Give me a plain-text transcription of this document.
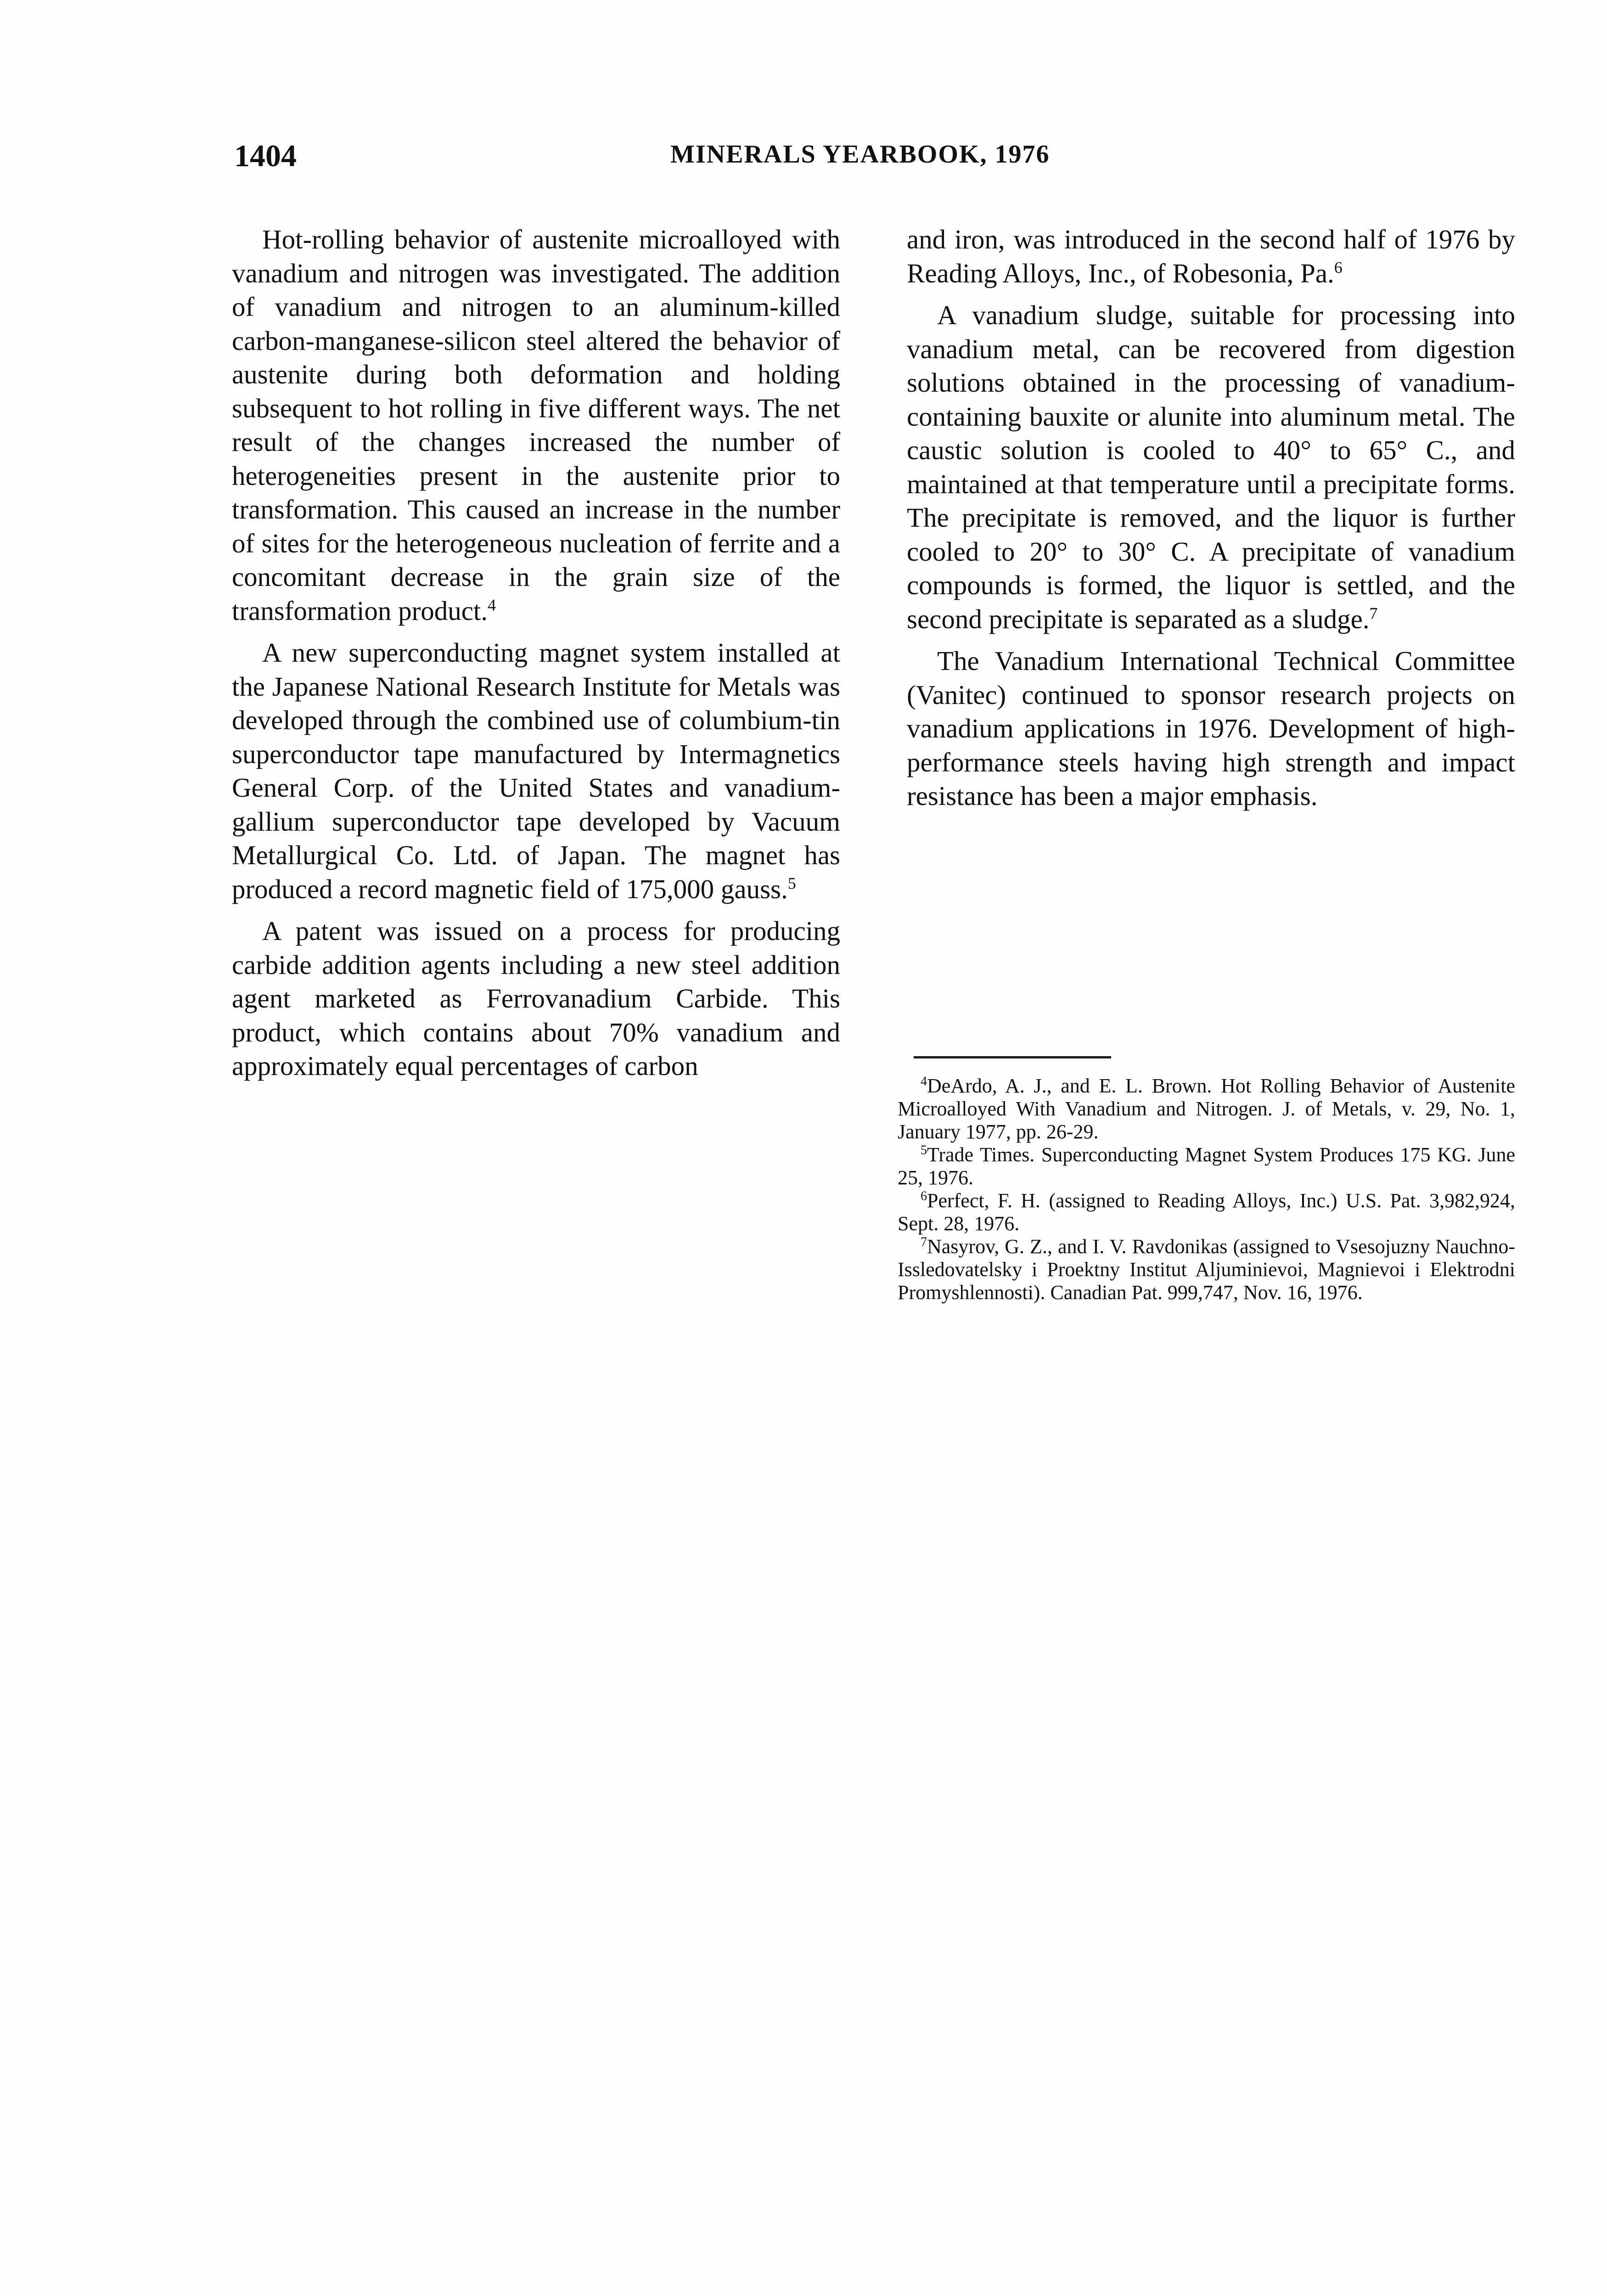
1404	MINERALS YEARBOOK, 1976

Hot-rolling behavior of austenite microalloyed with vanadium and nitrogen was investigated. The addition of vanadium and nitrogen to an aluminum-killed carbon-manganese-silicon steel altered the behavior of austenite during both deformation and holding subsequent to hot rolling in five different ways. The net result of the changes increased the number of heterogeneities present in the austenite prior to transformation. This caused an increase in the number of sites for the heterogeneous nucleation of ferrite and a concomitant decrease in the grain size of the transformation product.$^4$

A new superconducting magnet system installed at the Japanese National Research Institute for Metals was developed through the combined use of columbium-tin superconductor tape manufactured by Intermagnetics General Corp. of the United States and vanadium-gallium superconductor tape developed by Vacuum Metallurgical Co. Ltd. of Japan. The magnet has produced a record magnetic field of 175,000 gauss.$^5$

A patent was issued on a process for producing carbide addition agents including a new steel addition agent marketed as Ferrovanadium Carbide. This product, which contains about 70% vanadium and approximately equal percentages of carbon

and iron, was introduced in the second half of 1976 by Reading Alloys, Inc., of Robesonia, Pa.$^6$

A vanadium sludge, suitable for processing into vanadium metal, can be recovered from digestion solutions obtained in the processing of vanadium-containing bauxite or alunite into aluminum metal. The caustic solution is cooled to 40° to 65° C., and maintained at that temperature until a precipitate forms. The precipitate is removed, and the liquor is further cooled to 20° to 30° C. A precipitate of vanadium compounds is formed, the liquor is settled, and the second precipitate is separated as a sludge.$^7$

The Vanadium International Technical Committee (Vanitec) continued to sponsor research projects on vanadium applications in 1976. Development of high-performance steels having high strength and impact resistance has been a major emphasis.

$^4$DeArdo, A. J., and E. L. Brown. Hot Rolling Behavior of Austenite Microalloyed With Vanadium and Nitrogen. J. of Metals, v. 29, No. 1, January 1977, pp. 26-29.

$^5$Trade Times. Superconducting Magnet System Produces 175 KG. June 25, 1976.

$^6$Perfect, F. H. (assigned to Reading Alloys, Inc.) U.S. Pat. 3,982,924, Sept. 28, 1976.

$^7$Nasyrov, G. Z., and I. V. Ravdonikas (assigned to Vsesojuzny Nauchno-Issledovatelsky i Proektny Institut Aljuminievoi, Magnievoi i Elektrodni Promyshlennosti). Canadian Pat. 999,747, Nov. 16, 1976.
